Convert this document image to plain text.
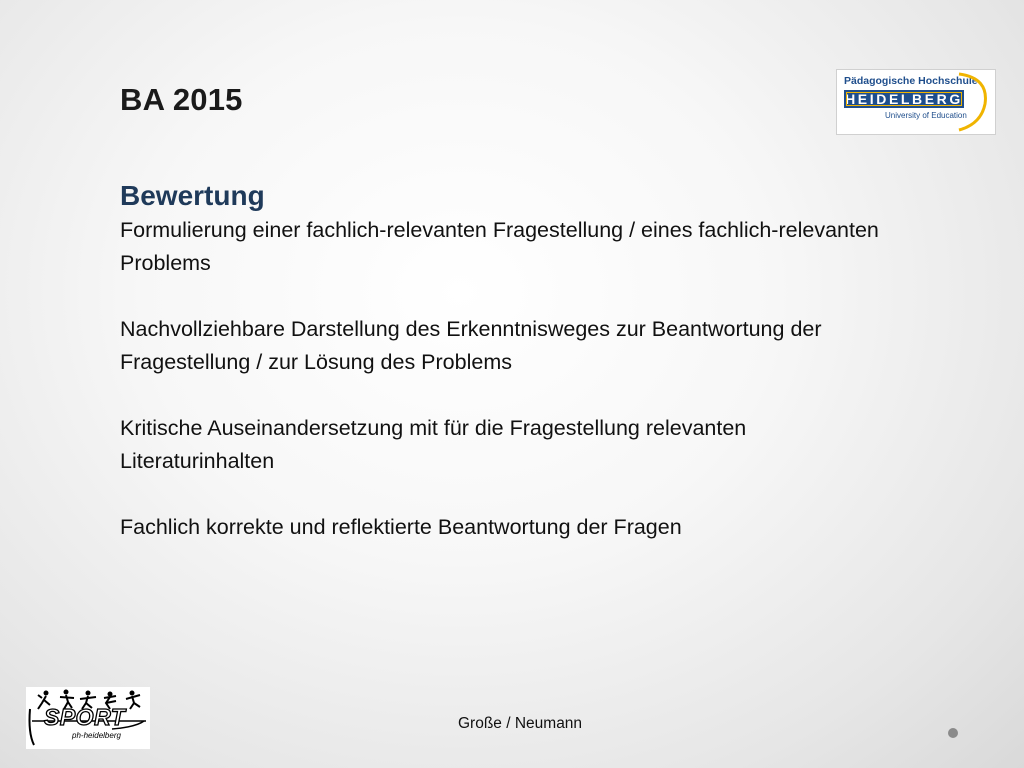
BA 2015
Pädagogische Hochschule
HEIDELBERG
University of Education
Bewertung

Formulierung einer fachlich-relevanten Fragestellung / eines fachlich-relevanten Problems

Nachvollziehbare Darstellung des Erkenntnisweges zur Beantwortung der Fragestellung / zur Lösung des Problems

Kritische Auseinandersetzung mit für die Fragestellung relevanten Literaturinhalten

Fachlich korrekte und reflektierte Beantwortung der Fragen

SPORT
ph-heidelberg
Große / Neumann
